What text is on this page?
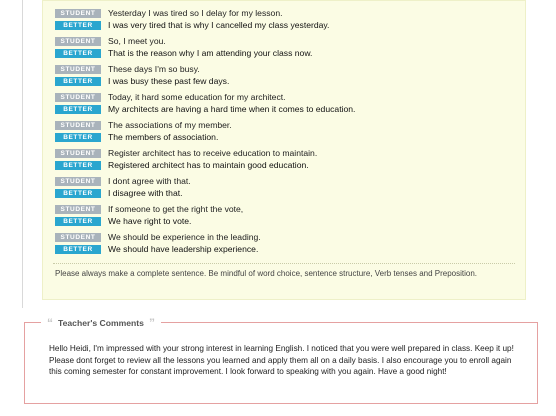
STUDENT	Yesterday I was tired so I delay for my lesson.
BETTER	I was very tired that is why I cancelled my class yesterday.
STUDENT	So, I meet you.
BETTER	That is the reason why I am attending your class now.
STUDENT	These days I'm so busy.
BETTER	I was busy these past few days.
STUDENT	Today, it hard some education for my architect.
BETTER	My architects are having a hard time when it comes to education.
STUDENT	The associations of my member.
BETTER	The members of association.
STUDENT	Register architect has to receive education to maintain.
BETTER	Registered architect has to maintain good education.
STUDENT	I dont agree with that.
BETTER	I disagree with that.
STUDENT	If someone to get the right the vote,
BETTER	We have right to vote.
STUDENT	We should be experience in the leading.
BETTER	We should have leadership experience.
Please always make a complete sentence. Be mindful of word choice, sentence structure, Verb tenses and Preposition.
“ Teacher's Comments ”
Hello Heidi, I'm impressed with your strong interest in learning English. I noticed that you were well prepared in class. Keep it up! Please dont forget to review all the lessons you learned and apply them all on a daily basis. I also encourage you to enroll again this coming semester for constant improvement. I look forward to speaking with you again. Have a good night!
